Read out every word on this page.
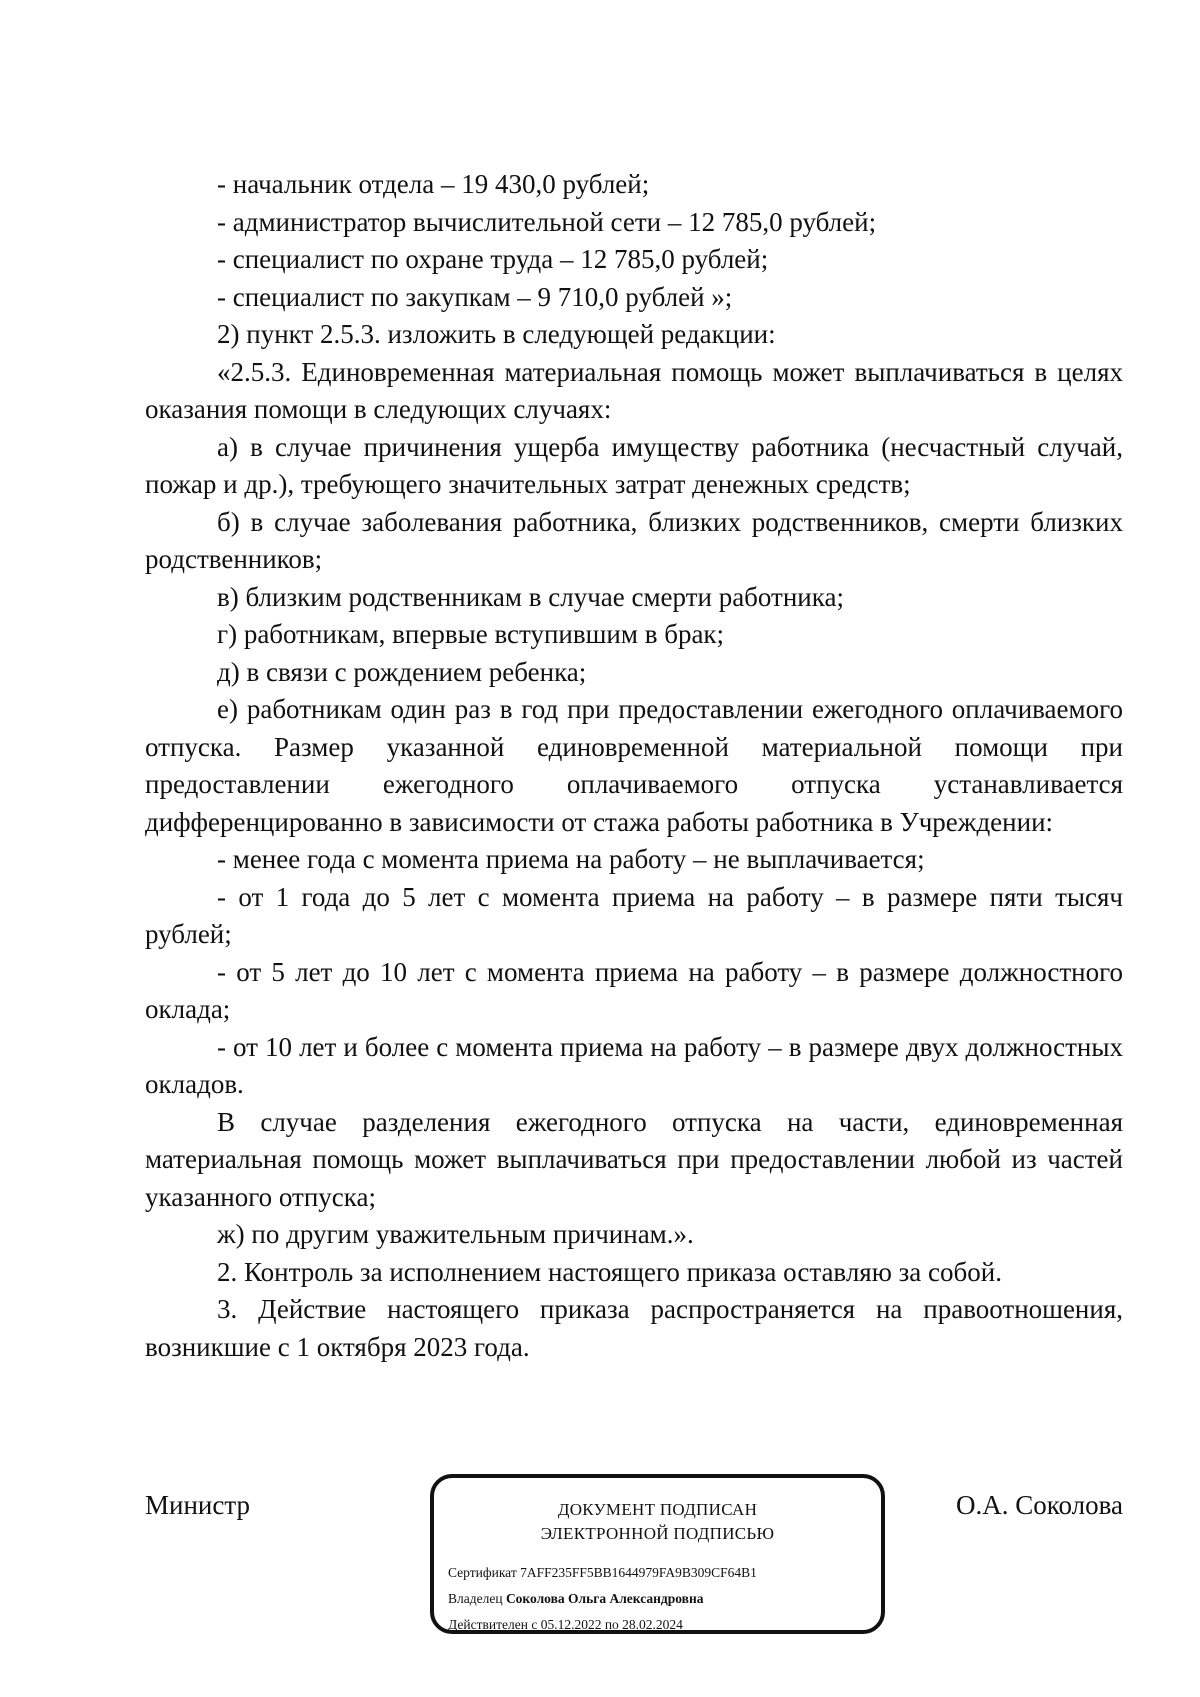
- начальник отдела – 19 430,0 рублей;

- администратор вычислительной сети – 12 785,0 рублей;

- специалист по охране труда – 12 785,0 рублей;

- специалист по закупкам – 9 710,0 рублей »;

2) пункт 2.5.3. изложить в следующей редакции:

«2.5.3. Единовременная материальная помощь может выплачиваться в целях оказания помощи в следующих случаях:

а) в случае причинения ущерба имуществу работника (несчастный случай, пожар и др.), требующего значительных затрат денежных средств;

б) в случае заболевания работника, близких родственников, смерти близких родственников;

в) близким родственникам в случае смерти работника;

г) работникам, впервые вступившим в брак;

д) в связи с рождением ребенка;

е) работникам один раз в год при предоставлении ежегодного оплачиваемого отпуска. Размер указанной единовременной материальной помощи при предоставлении ежегодного оплачиваемого отпуска устанавливается дифференцированно в зависимости от стажа работы работника в Учреждении:

- менее года с момента приема на работу – не выплачивается;

- от 1 года до 5 лет с момента приема на работу – в размере пяти тысяч рублей;

- от 5 лет до 10 лет с момента приема на работу – в размере должностного оклада;

- от 10 лет и более с момента приема на работу – в размере двух должностных окладов.

В случае разделения ежегодного отпуска на части, единовременная материальная помощь может выплачиваться при предоставлении любой из частей указанного отпуска;

ж) по другим уважительным причинам.».

2. Контроль за исполнением настоящего приказа оставляю за собой.

3. Действие настоящего приказа распространяется на правоотношения, возникшие с 1 октября 2023 года.

Министр	ДОКУМЕНТ ПОДПИСАН
ЭЛЕКТРОННОЙ ПОДПИСЬЮ
Сертификат 7AFF235FF5BB1644979FA9B309CF64B1
Владелец Соколова Ольга Александровна
Действителен с 05.12.2022 по 28.02.2024
О.А. Соколова
